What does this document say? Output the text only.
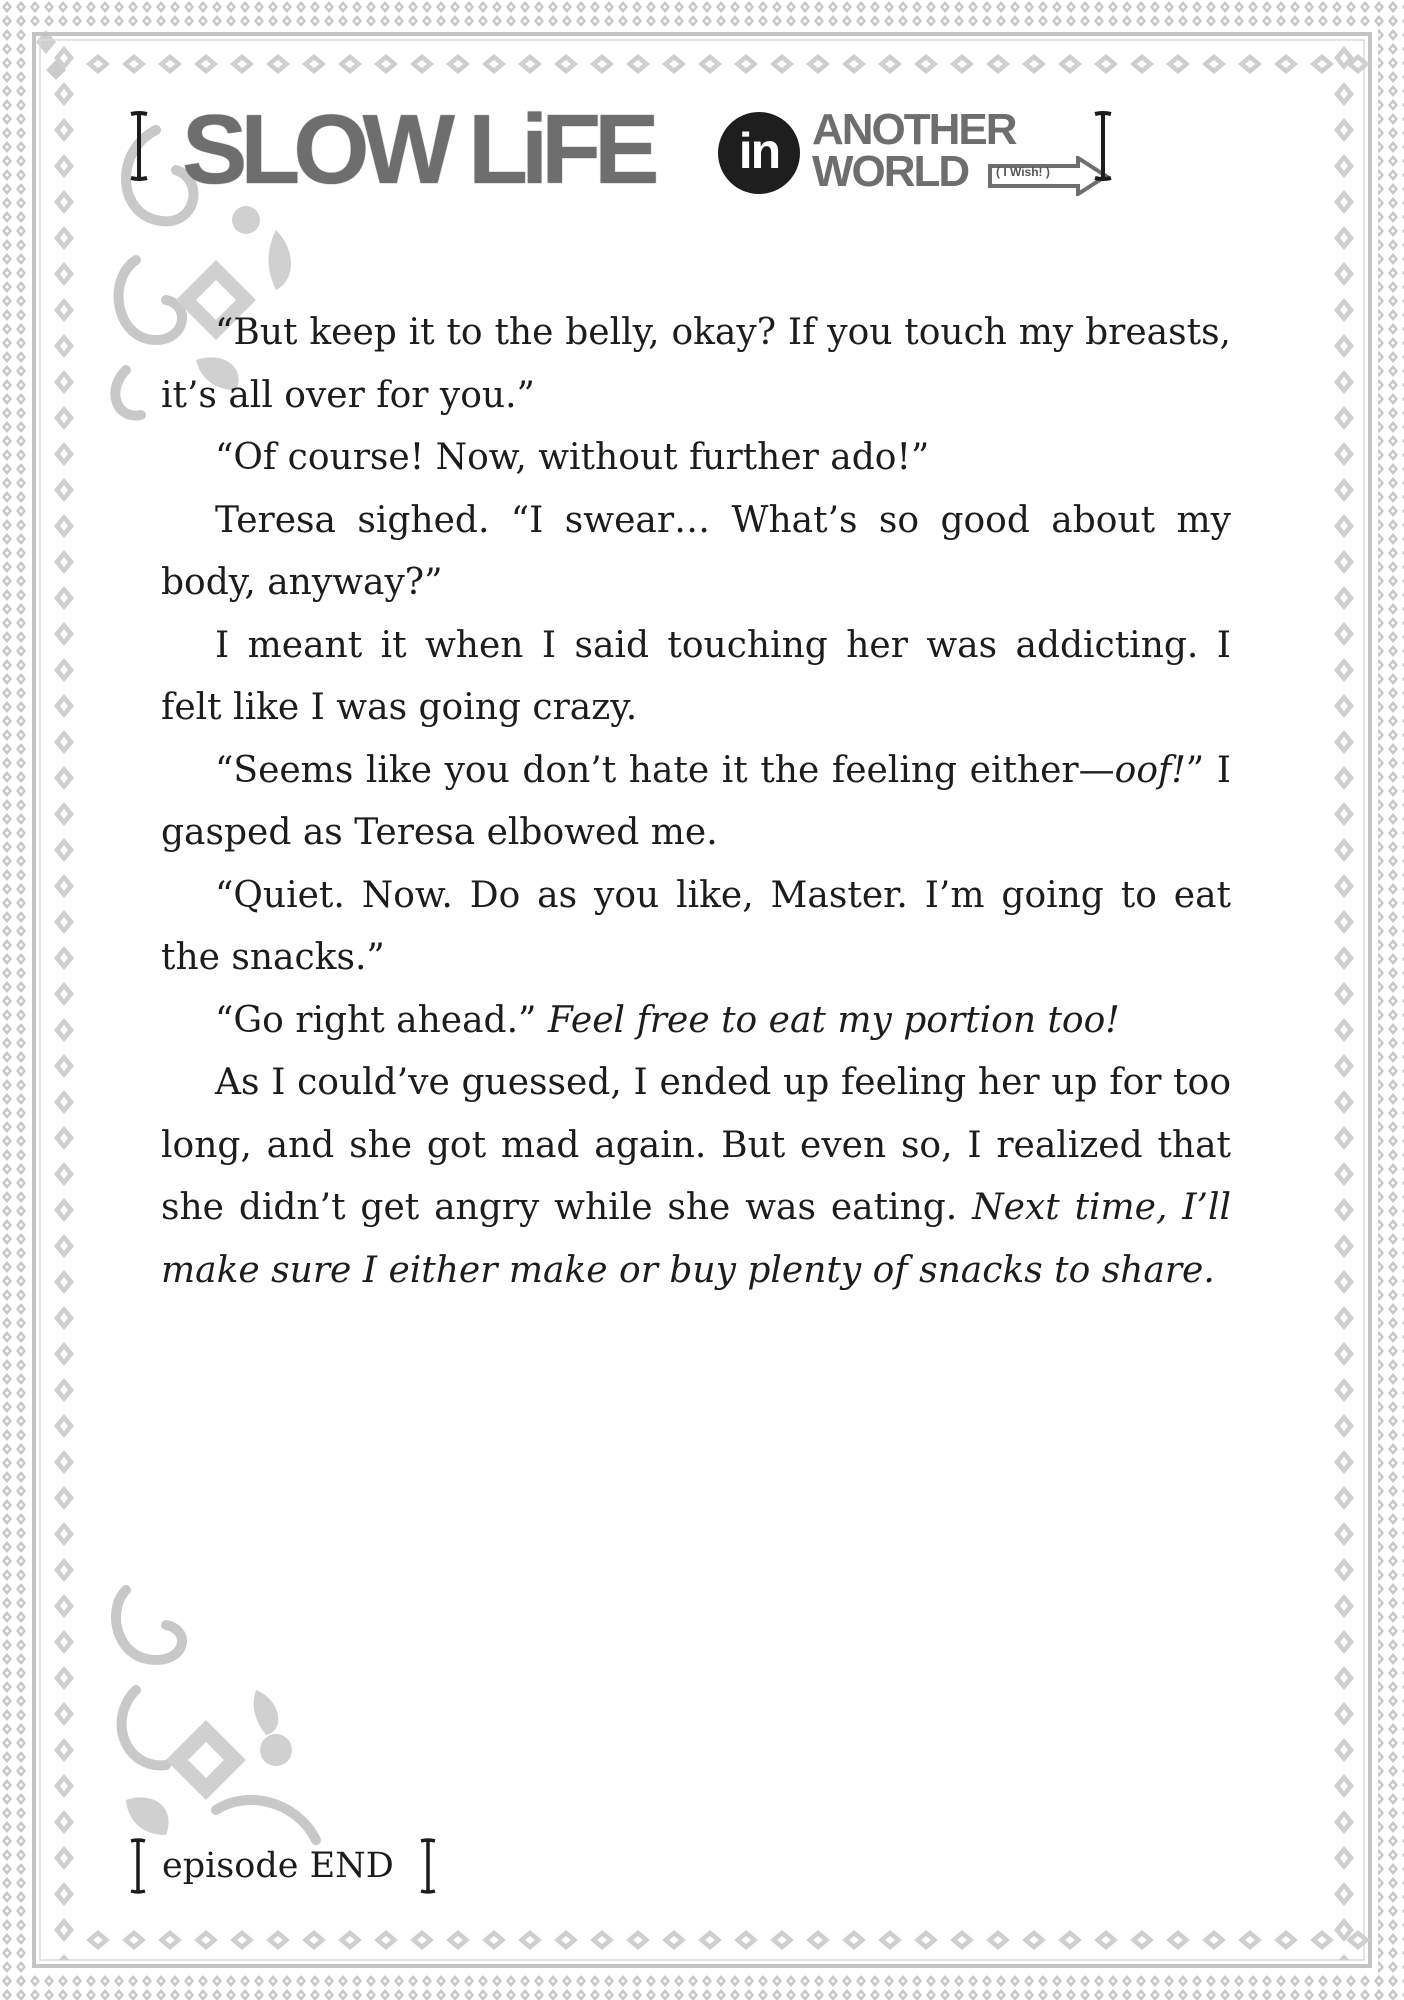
SLOW LiFE	in ANOTHER
WORLD ( I Wish! )

“But keep it to the belly, okay? If you touch my breasts, it’s all over for you.”

“Of course! Now, without further ado!”

Teresa sighed. “I swear… What’s so good about my body, anyway?”

I meant it when I said touching her was addicting. I felt like I was going crazy.

“Seems like you don’t hate it the feeling either—oof!” I gasped as Teresa elbowed me.

“Quiet. Now. Do as you like, Master. I’m going to eat the snacks.”

“Go right ahead.” Feel free to eat my portion too!

As I could’ve guessed, I ended up feeling her up for too long, and she got mad again. But even so, I realized that she didn’t get angry while she was eating. Next time, I’ll make sure I either make or buy plenty of snacks to share.

episode END
